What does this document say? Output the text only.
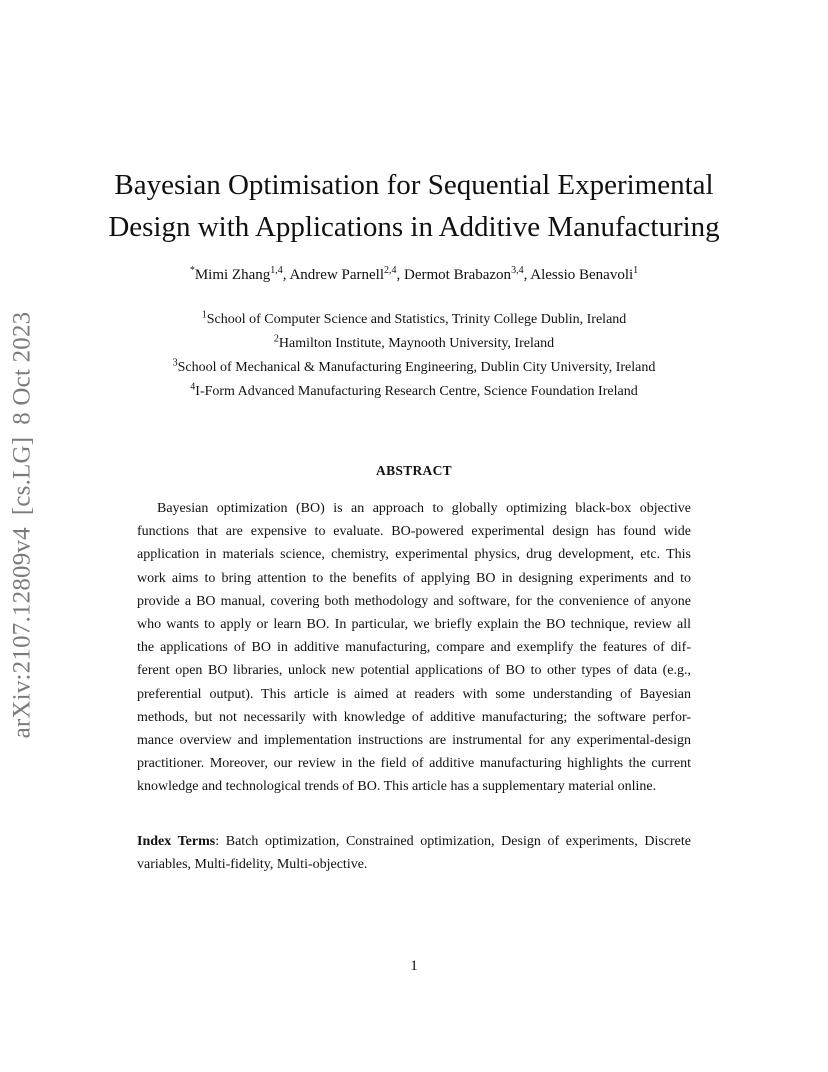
arXiv:2107.12809v4[cs.LG]8 Oct 2023
Bayesian Optimisation for Sequential Experimental
Design with Applications in Additive Manufacturing
*Mimi Zhang$^{1,4}$, Andrew Parnell$^{2,4}$, Dermot Brabazon$^{3,4}$, Alessio Benavoli$^1$
$^1$School of Computer Science and Statistics, Trinity College Dublin, Ireland
$^2$Hamilton Institute, Maynooth University, Ireland
$^3$School of Mechanical & Manufacturing Engineering, Dublin City University, Ireland
$^4$I-Form Advanced Manufacturing Research Centre, Science Foundation Ireland
ABSTRACT
Bayesian optimization (BO) is an approach to globally optimizing black-box objective
functions that are expensive to evaluate. BO-powered experimental design has found wide
application in materials science, chemistry, experimental physics, drug development, etc. This
work aims to bring attention to the benefits of applying BO in designing experiments and to
provide a BO manual, covering both methodology and software, for the convenience of anyone
who wants to apply or learn BO. In particular, we briefly explain the BO technique, review all
the applications of BO in additive manufacturing, compare and exemplify the features of dif-
ferent open BO libraries, unlock new potential applications of BO to other types of data (e.g.,
preferential output). This article is aimed at readers with some understanding of Bayesian
methods, but not necessarily with knowledge of additive manufacturing; the software perfor-
mance overview and implementation instructions are instrumental for any experimental-design
practitioner. Moreover, our review in the field of additive manufacturing highlights the current
knowledge and technological trends of BO. This article has a supplementary material online.
Index Terms: Batch optimization, Constrained optimization, Design of experiments, Discrete
variables, Multi-fidelity, Multi-objective.
1
